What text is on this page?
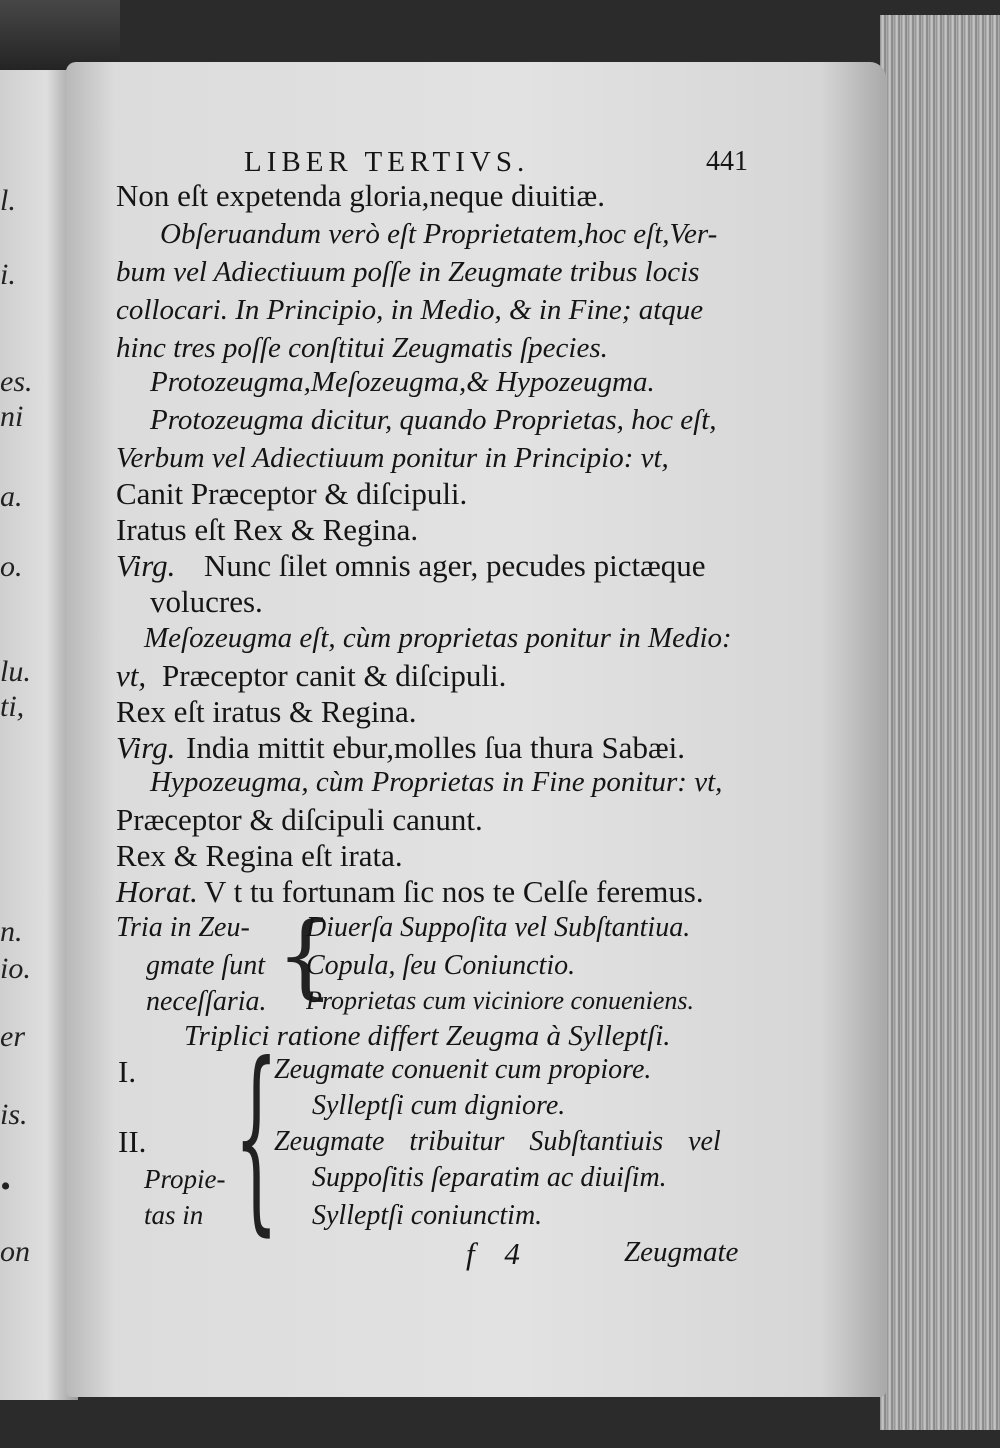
l.
i.
es.
ni
a.
o.
lu.
ti,
n.
io.
er
is.
•
on
LIBER TERTIVS.	441
Non eſt expetenda gloria,neque diuitiæ.
Obſeruandum verò eſt Proprietatem,hoc eſt,Ver-
bum vel Adiectiuum poſſe in Zeugmate tribus locis
collocari. In Principio, in Medio, & in Fine; atque
hinc tres poſſe conſtitui Zeugmatis ſpecies.
Protozeugma,Meſozeugma,& Hypozeugma.
Protozeugma dicitur, quando Proprietas, hoc eſt,
Verbum vel Adiectiuum ponitur in Principio: vt,
Canit Præceptor & diſcipuli.
Iratus eſt Rex & Regina.
Virg. Nunc ſilet omnis ager, pecudes pictæque
volucres.
Meſozeugma eſt, cùm proprietas ponitur in Medio:
vt, Præceptor canit & diſcipuli.
Rex eſt iratus & Regina.
Virg. India mittit ebur,molles ſua thura Sabæi.
Hypozeugma, cùm Proprietas in Fine ponitur: vt,
Præceptor & diſcipuli canunt.
Rex & Regina eſt irata.
Horat. V t tu fortunam ſic nos te Celſe feremus.
Tria in Zeu-
gmate ſunt
neceſſaria. {
Diuerſa Suppoſita vel Subſtantiua.
Copula, ſeu Coniunctio.
Proprietas cum viciniore conueniens.
Triplici ratione differt Zeugma à Sylleptſi.
I.
II.
Propie-
tas in {
Zeugmate conuenit cum propiore.
Sylleptſi cum digniore.
Zeugmate tribuitur Subſtantiuis vel
Suppoſitis ſeparatim ac diuiſim.
Sylleptſi coniunctim.
f 4	Zeugmate
